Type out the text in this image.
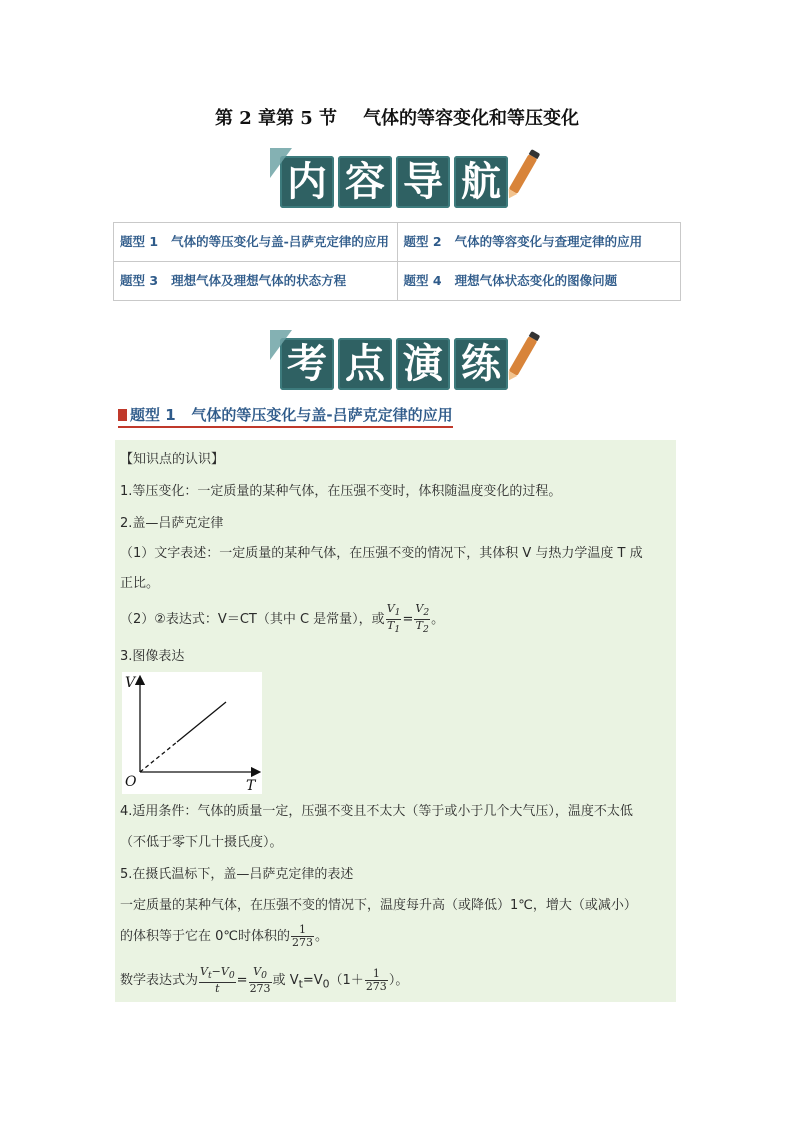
第 2 章第 5 节 气体的等容变化和等压变化
内 容 导 航
题型 1 气体的等压变化与盖-吕萨克定律的应用	题型 2 气体的等容变化与查理定律的应用
题型 3 理想气体及理想气体的状态方程	题型 4 理想气体状态变化的图像问题
考 点 演 练
题型 1 气体的等压变化与盖-吕萨克定律的应用
【知识点的认识】
1.等压变化：一定质量的某种气体，在压强不变时，体积随温度变化的过程。
2.盖—吕萨克定律
（1）文字表述：一定质量的某种气体，在压强不变的情况下，其体积 V 与热力学温度 T 成
正比。
（2）②表达式：V＝CT（其中 C 是常量），或 $\frac{V_1}{T_1} = \frac{V_2}{T_2}$ 。
3.图像表达
V
T
O
4.适用条件：气体的质量一定，压强不变且不太大（等于或小于几个大气压），温度不太低
（不低于零下几十摄氏度）。
5.在摄氏温标下，盖—吕萨克定律的表述
一定质量的某种气体，在压强不变的情况下，温度每升高（或降低）1℃，增大（或减小）
的体积等于它在 0℃时体积的 $\frac{1}{273}$ 。
数学表达式为 $\frac{V_t-V_0}{t} = \frac{V_0}{273}$ 或 $V_t=V_0(1+ \frac{1}{273}$ ）。
